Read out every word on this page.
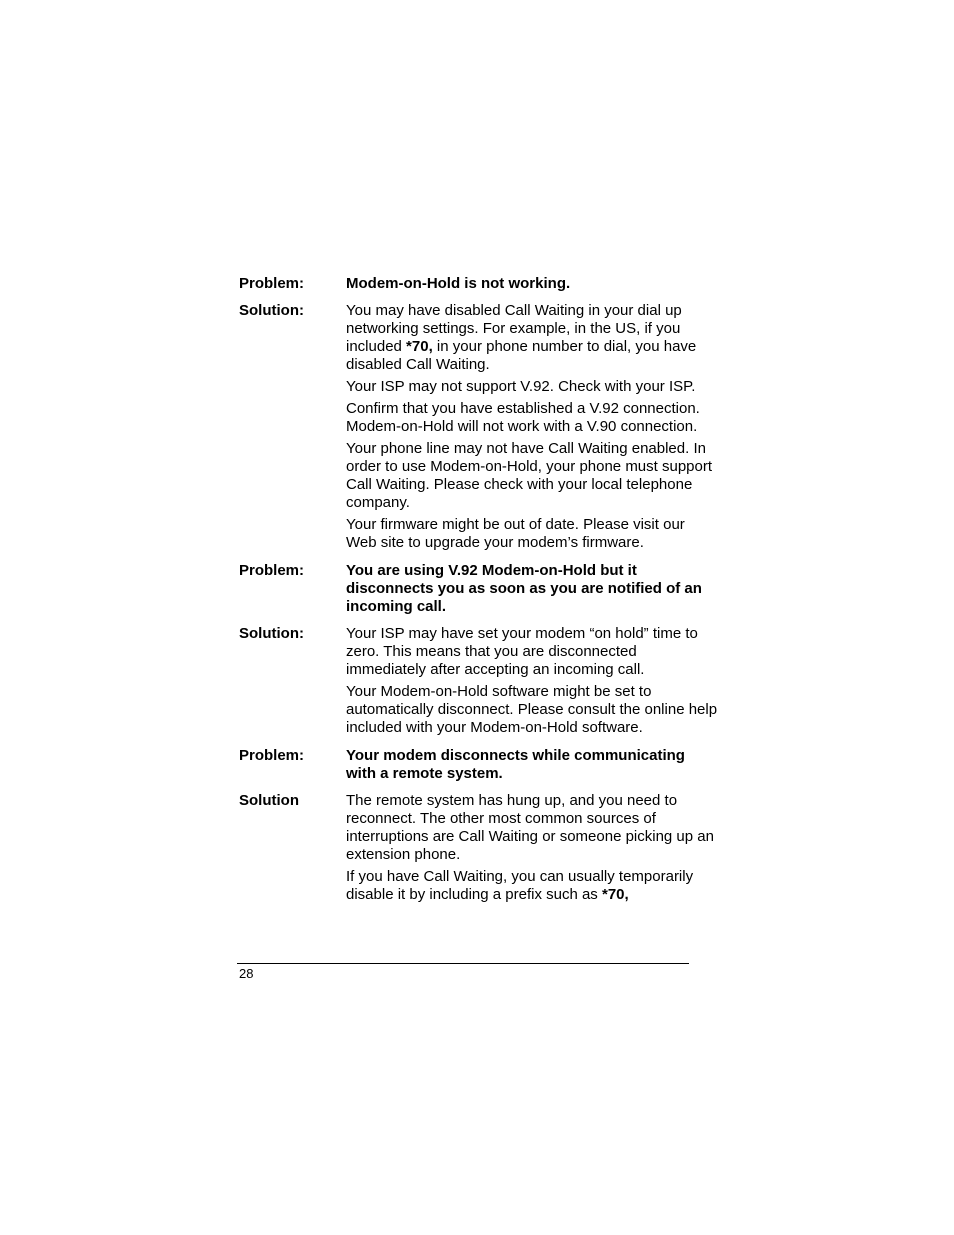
Problem:	Modem-on-Hold is not working.

Solution:	You may have disabled Call Waiting in your dial up networking settings. For example, in the US, if you included *70, in your phone number to dial, you have disabled Call Waiting.

Your ISP may not support V.92. Check with your ISP.

Confirm that you have established a V.92 connection. Modem-on-Hold will not work with a V.90 connection.

Your phone line may not have Call Waiting enabled. In order to use Modem-on-Hold, your phone must support Call Waiting. Please check with your local telephone company.

Your firmware might be out of date. Please visit our Web site to upgrade your modem’s firmware.

Problem:	You are using V.92 Modem-on-Hold but it disconnects you as soon as you are notified of an incoming call.

Solution:	Your ISP may have set your modem “on hold” time to zero. This means that you are disconnected immediately after accepting an incoming call.

Your Modem-on-Hold software might be set to automatically disconnect. Please consult the online help included with your Modem-on-Hold software.

Problem:	Your modem disconnects while communicating with a remote system.

Solution	The remote system has hung up, and you need to reconnect. The other most common sources of interruptions are Call Waiting or someone picking up an extension phone.

If you have Call Waiting, you can usually temporarily disable it by including a prefix such as *70,

28
